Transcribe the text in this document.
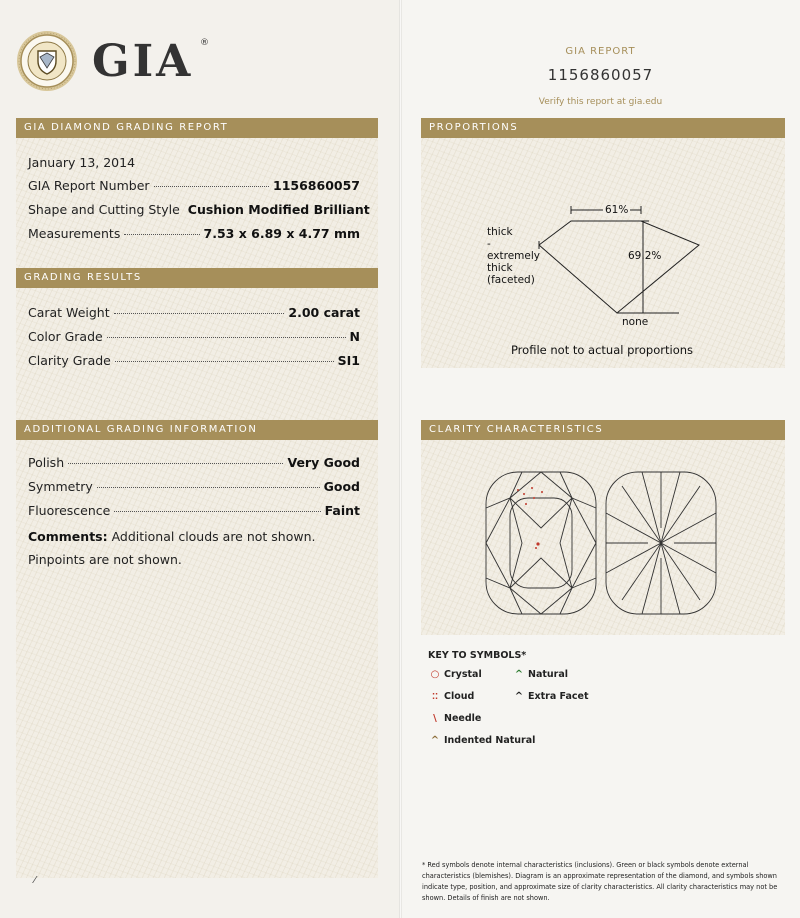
GIA ®
GIA REPORT
1156860057
Verify this report at gia.edu
GIA DIAMOND GRADING REPORT
January 13, 2014
GIA Report Number	1156860057
Shape and Cutting Style Cushion Modified Brilliant
Measurements	7.53 x 6.89 x 4.77 mm
GRADING RESULTS
Carat Weight	2.00 carat
Color Grade	N
Clarity Grade	SI1
ADDITIONAL GRADING INFORMATION
Polish	Very Good
Symmetry	Good
Fluorescence	Faint
Comments: Additional clouds are not shown. Pinpoints are not shown.
⁄
PROPORTIONS
61%
69.2%
thick
-
extremely
thick
(faceted)
none
Profile not to actual proportions
CLARITY CHARACTERISTICS
KEY TO SYMBOLS*
○ Crystal	^ Natural
⁚⁚ Cloud	^ Extra Facet
\ Needle
^ Indented Natural
* Red symbols denote internal characteristics (inclusions). Green or black symbols denote external characteristics (blemishes). Diagram is an approximate representation of the diamond, and symbols shown indicate type, position, and approximate size of clarity characteristics. All clarity characteristics may not be shown. Details of finish are not shown.
